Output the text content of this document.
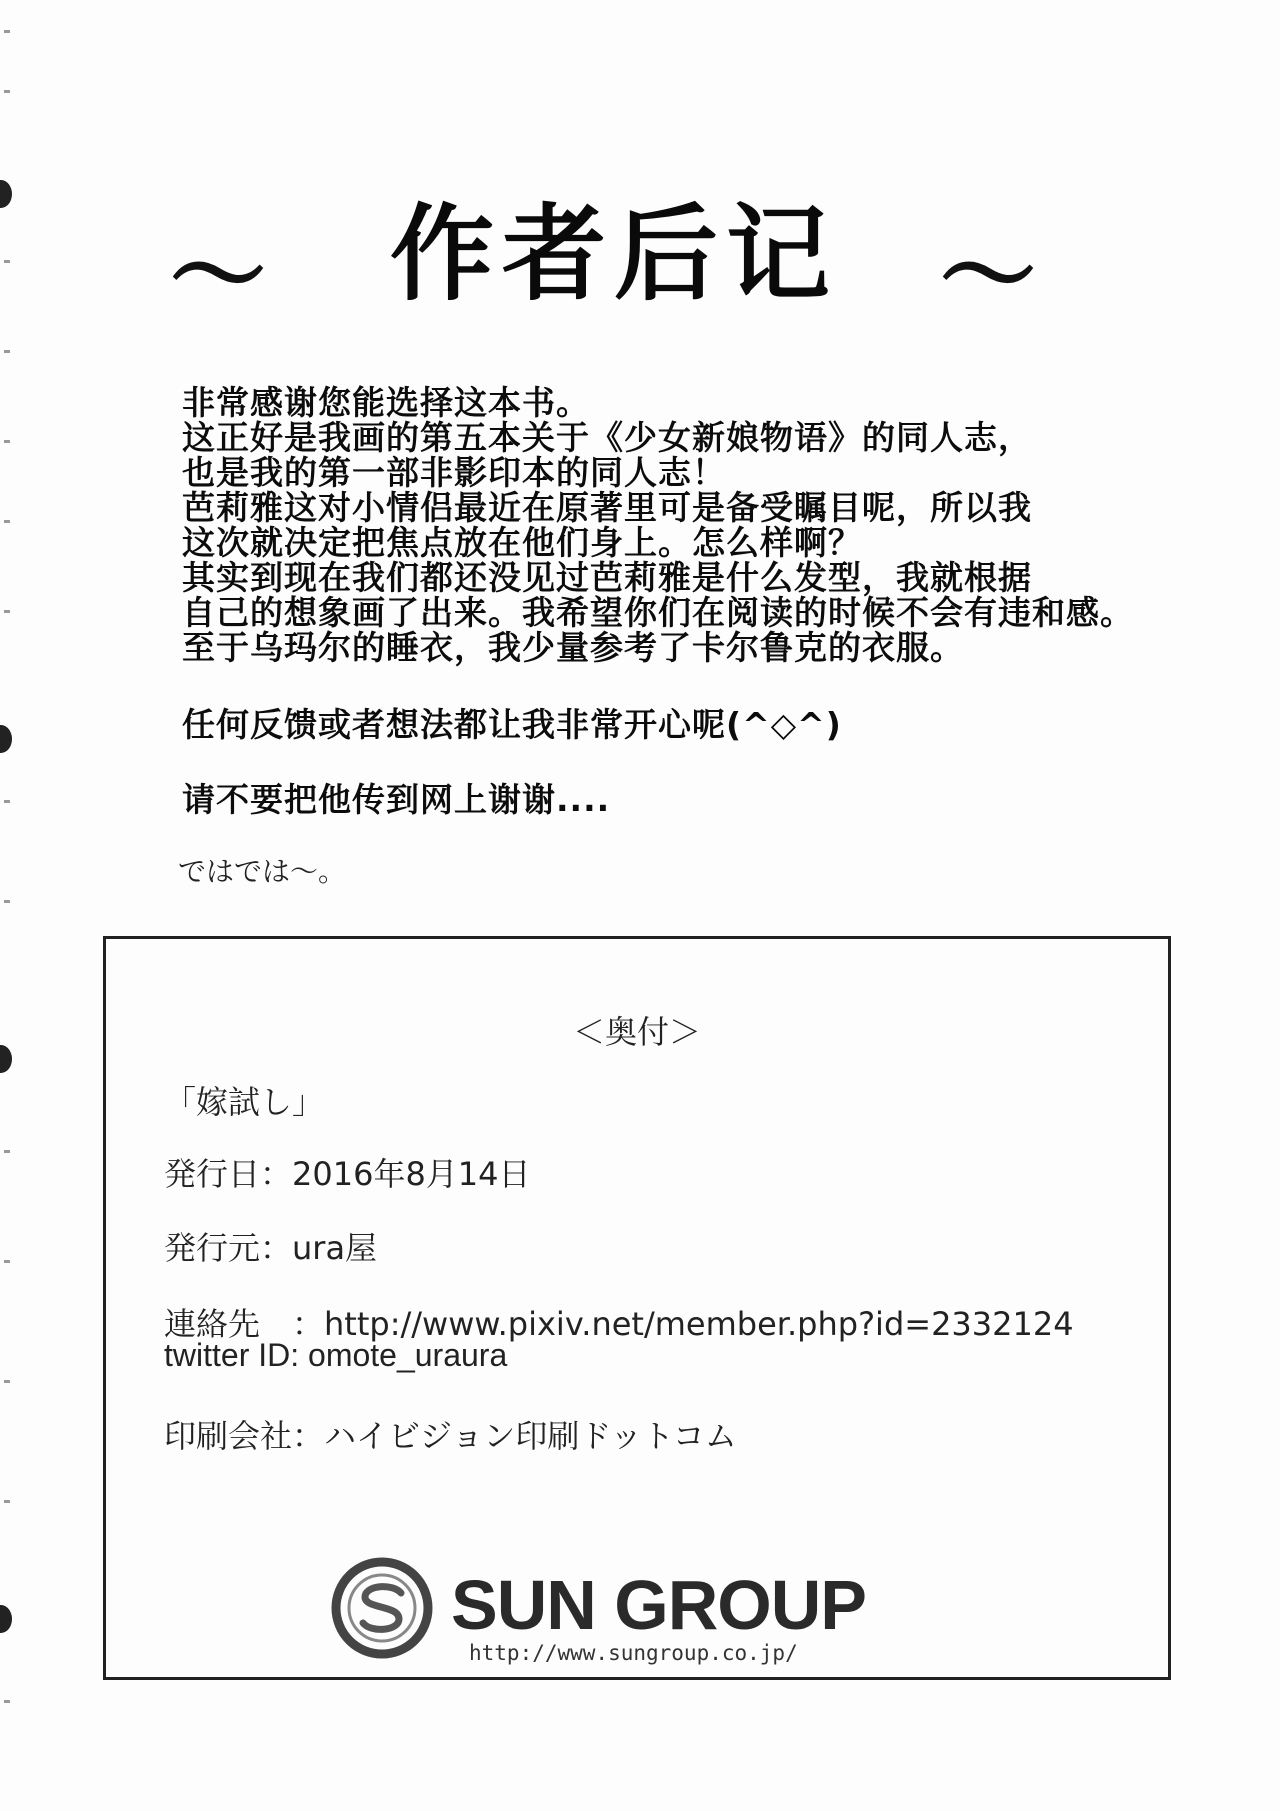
〜 作者后记 〜
非常感谢您能选择这本书。
这正好是我画的第五本关于《少女新娘物语》的同人志，
也是我的第一部非影印本的同人志！
芭莉雅这对小情侣最近在原著里可是备受瞩目呢，所以我
这次就决定把焦点放在他们身上。怎么样啊？
其实到现在我们都还没见过芭莉雅是什么发型，我就根据
自己的想象画了出来。我希望你们在阅读的时候不会有违和感。
至于乌玛尔的睡衣，我少量参考了卡尔鲁克的衣服。
任何反馈或者想法都让我非常开心呢(^◇^)
请不要把他传到网上谢谢....
ではでは〜。
＜奥付＞
「嫁試し」
発行日：2016年8月14日
発行元：ura屋
連絡先　：http://www.pixiv.net/member.php?id=2332124
twitter ID: omote_uraura
印刷会社：ハイビジョン印刷ドットコム
SUN GROUP
http://www.sungroup.co.jp/
